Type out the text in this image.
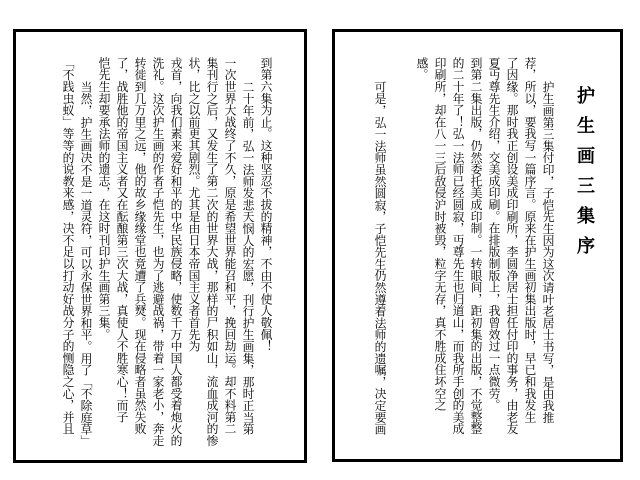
到第六集为止。这种坚忍不拔的精神，不由不使人敬佩！
二十年前，弘一法师发悲天悯人的宏愿，刊行护生画集，那时正当第
一次世界大战终了不久，原是希望世界能召和平，挽回劫运。却不料第二
集刊行之后，又发生了第二次的世界大战，那样的尸积如山，流血成河的惨
状，比之以前更其剧烈。尤其是由日本帝国主义者首先为
戎首，向我们素来爱好和平的中华民族侵略，使数千万中国人都受着炮火的
洗礼。这次护生画的作者子恺先生，也为了逃避战祸，带着一家老小，奔走
转徙到几万里之远，他的故乡缘缘堂也竟遭了兵燹。现在侵略者虽然失败
了，战胜他的帝国主义者又在酝酿第三次大战，真使人不胜寒心！而子
恺先生却要承法师的遗志，在这时刊印护生画第三集。
当然，护生画决不是一道灵符，可以永保世界和平。用了「不除庭草」
「不践虫蚁」等等的说教来感，决不足以打动好战分子的恻隐之心，并且	护生画三集序
护生画第三集付印，子恺先生因为这次请叶老居士书写，是由我推
荐，所以，要我写一篇序言。原来在护生画初集出版时，早已和我发生
了因缘。那时我正创设美成印刷所，李圆净居士担任付印的事务，由老友
夏丏尊先生介绍，交美成印刷。在排版制版上，我曾效过一点微劳。
到第二集出版，仍然委托美成印制。一转眼间，距初集的出版，不觉整整
的二十年了！弘一法师已经圆寂，丏尊先生也归道山，而我所手创的美成
印刷所，却在八一三后敌侵沪时被毁，粒字无存，真不胜成住坏空之
感。
可是，弘一法师虽然圆寂，子恺先生仍然遵着法师的遗嘱，决定要画
